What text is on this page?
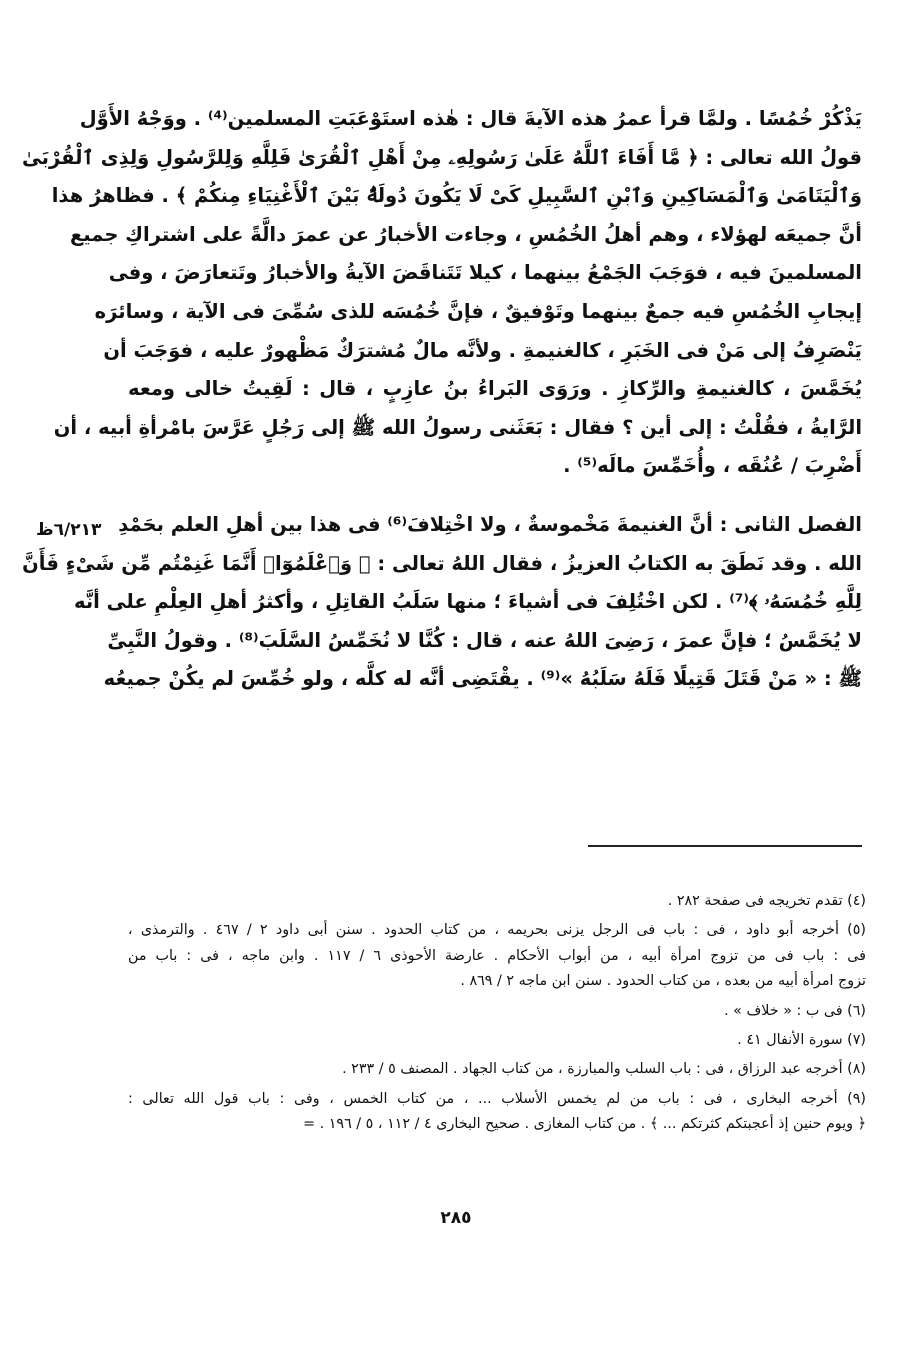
يَذْكُرْ خُمُسًا . ولمَّا قرأ عمرُ هذه الآيةَ قال : هٰذه استَوْعَبَتِ المسلمين⁽⁴⁾ . ووَجْهُ الأَوَّل
قولُ الله تعالى : ﴿ مَّا أَفَاءَ ٱللَّهُ عَلَىٰ رَسُولِهِۦ مِنْ أَهْلِ ٱلْقُرَىٰ فَلِلَّهِ وَلِلرَّسُولِ وَلِذِى ٱلْقُرْبَىٰ
وَٱلْيَتَامَىٰ وَٱلْمَسَاكِينِ وَٱبْنِ ٱلسَّبِيلِ كَىْ لَا يَكُونَ دُولَةًۢ بَيْنَ ٱلْأَغْنِيَاءِ مِنكُمْ ﴾ . فظاهرُ هذا
أنَّ جميعَه لهؤلاء ، وهم أهلُ الخُمُسِ ، وجاءت الأخبارُ عن عمرَ دالَّةً على اشتراكِ جميع
المسلمينَ فيه ، فوَجَبَ الجَمْعُ بينهما ، كيلا تَتَناقَضَ الآيةُ والأخبارُ وتَتعارَضَ ، وفى
إيجابِ الخُمُسِ فيه جمعٌ بينهما وتَوْفيقٌ ، فإنَّ خُمُسَه للذى سُمِّىَ فى الآية ، وسائرَه
يَنْصَرِفُ إلى مَنْ فى الخَبَرِ ، كالغنيمةِ . ولأنَّه مالٌ مُشترَكٌ مَظْهورٌ عليه ، فوَجَبَ أن
يُخَمَّسَ ، كالغنيمةِ والرِّكازِ . ورَوَى البَراءُ بنُ عازِبٍ ، قال : لَقِيتُ خالى ومعه
الرَّايةُ ، فقُلْتُ : إلى أين ؟ فقال : بَعَثَنى رسولُ الله ﷺ إلى رَجُلٍ عَرَّسَ بامْرأةِ أبيه ، أن
أَضْرِبَ / عُنُقَه ، وأُخَمِّسَ مالَه⁽⁵⁾ .
الفصل الثانى : أنَّ الغنيمةَ مَخْموسةٌ ، ولا اخْتِلافَ⁽⁶⁾ فى هذا بين أهلِ العلم بحَمْدِ
الله . وقد نَطَقَ به الكتابُ العزيزُ ، فقال اللهُ تعالى : ﴿ وَٱعْلَمُوٓا۟ أَنَّمَا غَنِمْتُم مِّن شَىْءٍ فَأَنَّ
لِلَّهِ خُمُسَهُۥ ﴾⁽⁷⁾ . لكن اخْتُلِفَ فى أشياءَ ؛ منها سَلَبُ القاتِلِ ، وأكثرُ أهلِ العِلْمِ على أنَّه
لا يُخَمَّسُ ؛ فإنَّ عمرَ ، رَضِىَ اللهُ عنه ، قال : كُنَّا لا نُخَمِّسُ السَّلَبَ⁽⁸⁾ . وقولُ النَّبِىِّ
ﷺ : « مَنْ قَتَلَ قَتِيلًا فَلَهُ سَلَبُهُ »⁽⁹⁾ . يقْتَضِى أنَّه له كلَّه ، ولو خُمِّسَ لم يكُنْ جميعُه
٦/٢١٣ظ
(٤) تقدم تخريجه فى صفحة ٢٨٢ .
(٥) أخرجه أبو داود ، فى : باب فى الرجل يزنى بحريمه ، من كتاب الحدود . سنن أبى داود ٢ / ٤٦٧ . والترمذى ،
فى : باب فى من تزوج امرأة أبيه ، من أبواب الأحكام . عارضة الأحوذى ٦ / ١١٧ . وابن ماجه ، فى : باب من
تزوج امرأة أبيه من بعده ، من كتاب الحدود . سنن ابن ماجه ٢ / ٨٦٩ .
(٦) فى ب : « خلاف » .
(٧) سورة الأنفال ٤١ .
(٨) أخرجه عبد الرزاق ، فى : باب السلب والمبارزة ، من كتاب الجهاد . المصنف ٥ / ٢٣٣ .
(٩) أخرجه البخارى ، فى : باب من لم يخمس الأسلاب ... ، من كتاب الخمس ، وفى : باب قول الله تعالى :
﴿ ويوم حنين إذ أعجبتكم كثرتكم ... ﴾ . من كتاب المغازى . صحيح البخارى ٤ / ١١٢ ، ٥ / ١٩٦ . =
٢٨٥
